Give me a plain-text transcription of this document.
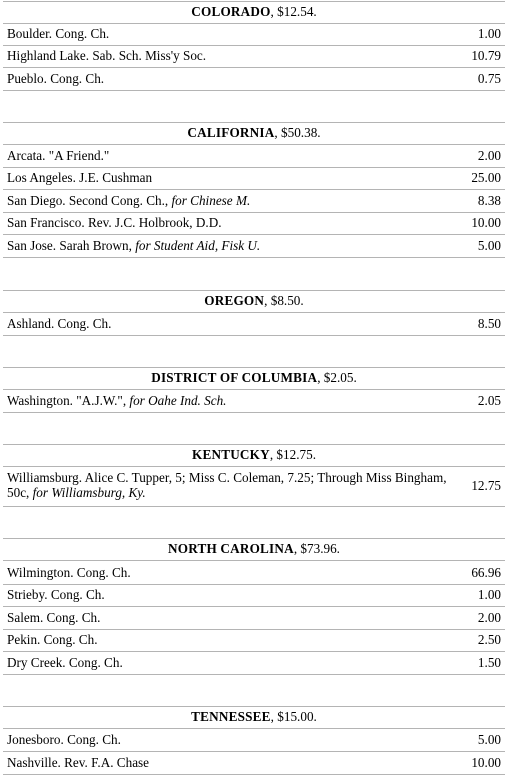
COLORADO, $12.54.
Boulder. Cong. Ch.	1.00
Highland Lake. Sab. Sch. Miss'y Soc.	10.79
Pueblo. Cong. Ch.	0.75
CALIFORNIA, $50.38.
Arcata. "A Friend."	2.00
Los Angeles. J.E. Cushman	25.00
San Diego. Second Cong. Ch., for Chinese M.	8.38
San Francisco. Rev. J.C. Holbrook, D.D.	10.00
San Jose. Sarah Brown, for Student Aid, Fisk U.	5.00
OREGON, $8.50.
Ashland. Cong. Ch.	8.50
DISTRICT OF COLUMBIA, $2.05.
Washington. "A.J.W.", for Oahe Ind. Sch.	2.05
KENTUCKY, $12.75.
Williamsburg. Alice C. Tupper, 5; Miss C. Coleman, 7.25; Through Miss Bingham, 50c, for Williamsburg, Ky.	12.75
NORTH CAROLINA, $73.96.
Wilmington. Cong. Ch.	66.96
Strieby. Cong. Ch.	1.00
Salem. Cong. Ch.	2.00
Pekin. Cong. Ch.	2.50
Dry Creek. Cong. Ch.	1.50
TENNESSEE, $15.00.
Jonesboro. Cong. Ch.	5.00
Nashville. Rev. F.A. Chase	10.00
